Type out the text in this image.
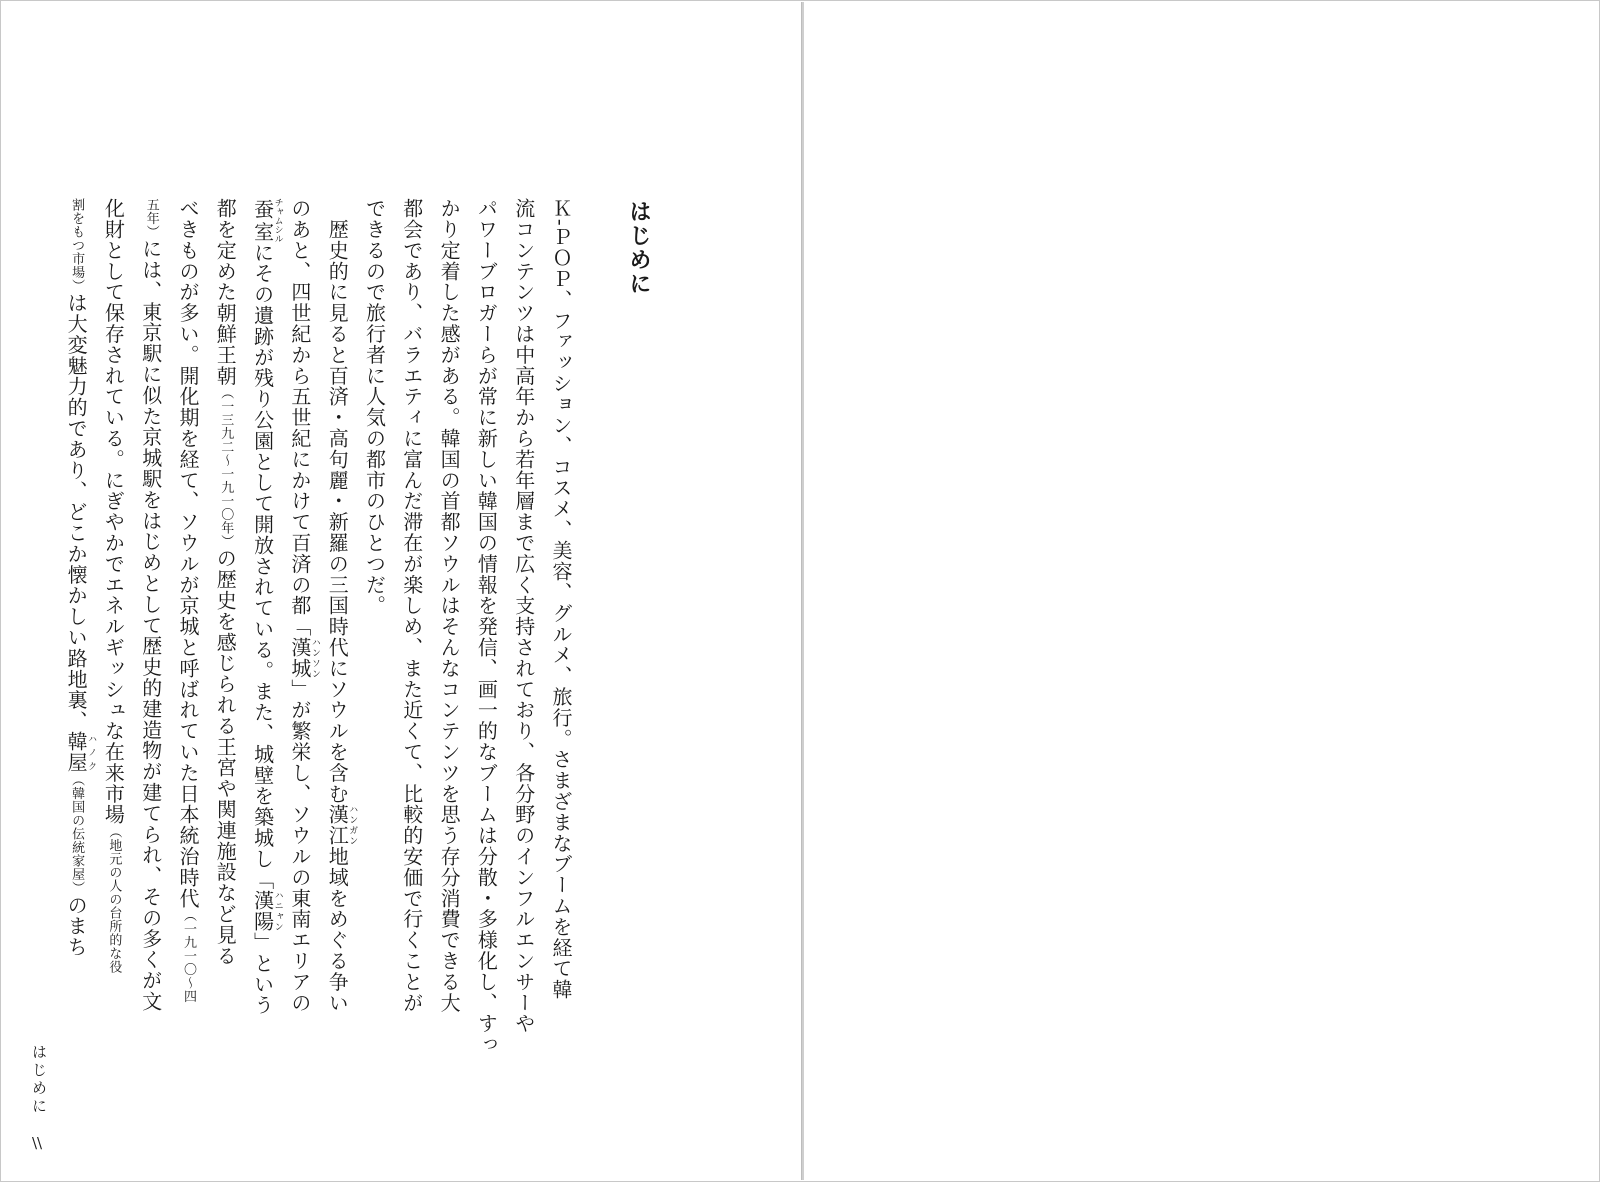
はじめに
Ｋ‐ＰＯＰ、ファッション、コスメ、美容、グルメ、旅行。さまざまなブームを経て韓
流コンテンツは中高年から若年層まで広く支持されており、各分野のインフルエンサーや
パワーブロガーらが常に新しい韓国の情報を発信、画一的なブームは分散・多様化し、すっ
かり定着した感がある。韓国の首都ソウルはそんなコンテンツを思う存分消費できる大
都会であり、バラエティに富んだ滞在が楽しめ、また近くて、比較的安価で行くことが
できるので旅行者に人気の都市のひとつだ。
　歴史的に見ると百済・高句麗・新羅の三国時代にソウルを含む漢江ハンガン地域をめぐる争い
のあと、四世紀から五世紀にかけて百済の都「漢城ハンソン」が繁栄し、ソウルの東南エリアの
蚕室チャムシルにその遺跡が残り公園として開放されている。また、城壁を築城し「漢陽ハニャン」という
都を定めた朝鮮王朝（一三九二〜一九一〇年）の歴史を感じられる王宮や関連施設など見る
べきものが多い。開化期を経て、ソウルが京城と呼ばれていた日本統治時代（一九一〇〜四
五年）には、東京駅に似た京城駅をはじめとして歴史的建造物が建てられ、その多くが文
化財として保存されている。にぎやかでエネルギッシュな在来市場（地元の人の台所的な役
割をもつ市場）は大変魅力的であり、どこか懐かしい路地裏、韓屋ハノク（韓国の伝統家屋）のまち
はじめに
\\
